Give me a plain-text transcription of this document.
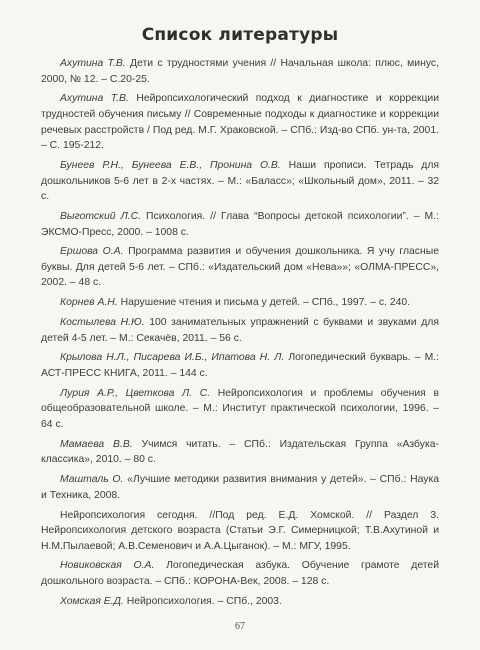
Список литературы

Ахутина Т.В. Дети с трудностями учения // Начальная школа: плюс, минус, 2000, № 12. – С.20-25.

Ахутина Т.В. Нейропсихологический подход к диагностике и коррекции трудностей обучения письму // Современные подходы к диагностике и коррекции речевых расстройств / Под ред. М.Г. Храковской. – СПб.: Изд-во СПб. ун-та, 2001. – С. 195-212.

Бунеев Р.Н., Бунеева Е.В., Пронина О.В. Наши прописи. Тетрадь для дошкольников 5-6 лет в 2-х частях. – М.: «Баласс»; «Школьный дом», 2011. – 32 с.

Выготский Л.С. Психология. // Глава “Вопросы детской психологии”. – М.: ЭКСМО-Пресс, 2000. – 1008 с.

Ершова О.А. Программа развития и обучения дошкольника. Я учу гласные буквы. Для детей 5-6 лет. – СПб.: «Издательский дом «Нева»»; «ОЛМА-ПРЕСС», 2002. – 48 с.

Корнев А.Н. Нарушение чтения и письма у детей. – СПб., 1997. – с. 240.

Костылева Н.Ю. 100 занимательных упражнений с буквами и звуками для детей 4-5 лет. – М.: Секачёв, 2011. – 56 с.

Крылова Н.Л., Писарева И.Б., Ипатова Н. Л. Логопедический букварь. – М.: АСТ-ПРЕСС КНИГА, 2011. – 144 с.

Лурия А.Р., Цветкова Л. С. Нейропсихология и проблемы обучения в общеобразовательной школе. – М.: Институт практической психологии, 1996. – 64 с.

Мамаева В.В. Учимся читать. – СПб.: Издательская Группа «Азбука-классика», 2010. – 80 с.

Машталь О. «Лучшие методики развития внимания у детей». – СПб.: Наука и Техника, 2008.

Нейропсихология сегодня. //Под ред. Е.Д. Хомской. // Раздел 3. Нейропсихология детского возраста (Статьи Э.Г. Симерницкой; Т.В.Ахутиной и Н.М.Пылаевой; А.В.Семенович и А.А.Цыганок). – М.: МГУ, 1995.

Новиковская О.А. Логопедическая азбука. Обучение грамоте детей дошкольного возраста. – СПб.: КОРОНА-Век, 2008. – 128 с.

Хомская Е.Д. Нейропсихология. – СПб., 2003.

67
